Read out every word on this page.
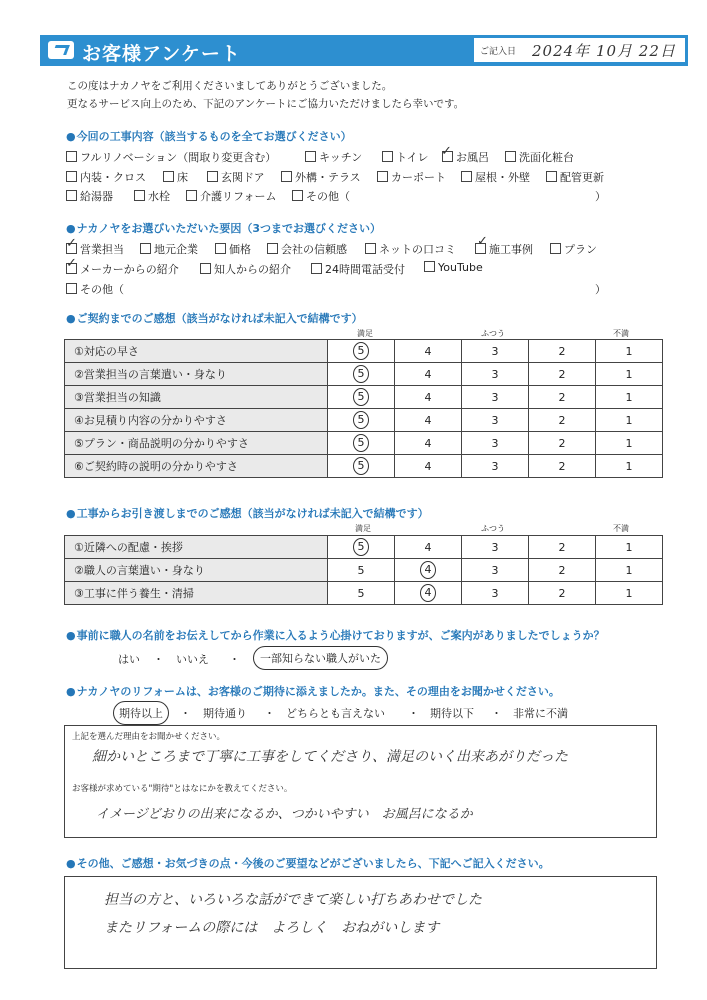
お客様アンケート	ご記入日 2024年 10月 22日
この度はナカノヤをご利用くださいましてありがとうございました。
更なるサービス向上のため、下記のアンケートにご協力いただけましたら幸いです。
● 今回の工事内容（該当するものを全てお選びください）
フルリノベーション（間取り変更含む）	キッチン	トイレ	お風呂
✓	洗面化粧台
内装・クロス	床	玄関ドア	外構・テラス	カーポート	屋根・外壁	配管更新
給湯器	水栓	介護リフォーム	その他（	）
● ナカノヤをお選びいただいた要因（3つまでお選びください）
営業担当
✓	地元企業	価格	会社の信頼感	ネットの口コミ	施工事例
✓
プラン
メーカーからの紹介
✓	知人からの紹介	24時間電話受付	YouTube
その他（	）
● ご契約までのご感想（該当がなければ未記入で結構です）
満足	ふつう	不満
①対応の早さ	5	4	3	2	1
②営業担当の言葉遣い・身なり	5	4	3	2	1
③営業担当の知識	5	4	3	2	1
④お見積り内容の分かりやすさ	5	4	3	2	1
⑤プラン・商品説明の分かりやすさ	5	4	3	2	1
⑥ご契約時の説明の分かりやすさ	5	4	3	2	1
● 工事からお引き渡しまでのご感想（該当がなければ未記入で結構です）
満足	ふつう	不満
①近隣への配慮・挨拶	5	4	3	2	1
②職人の言葉遣い・身なり	5	4	3	2	1
③工事に伴う養生・清掃	5	4	3	2	1
● 事前に職人の名前をお伝えしてから作業に入るよう心掛けておりますが、ご案内がありましたでしょうか？
はい ・ いいえ ・	一部知らない職人がいた
● ナカノヤのリフォームは、お客様のご期待に添えましたか。また、その理由をお聞かせください。
期待以上	・ 期待通り ・ どちらとも言えない ・ 期待以下 ・ 非常に不満
上記を選んだ理由をお聞かせください。
細かいところまで丁寧に工事をしてくださり、満足のいく出来あがりだった
お客様が求めている"期待"とはなにかを教えてください。
イメージどおりの出来になるか、つかいやすい　お風呂になるか
● その他、ご感想・お気づきの点・今後のご要望などがございましたら、下記へご記入ください。
担当の方と、いろいろな話ができて楽しい打ちあわせでした
またリフォームの際には　よろしく　おねがいします
